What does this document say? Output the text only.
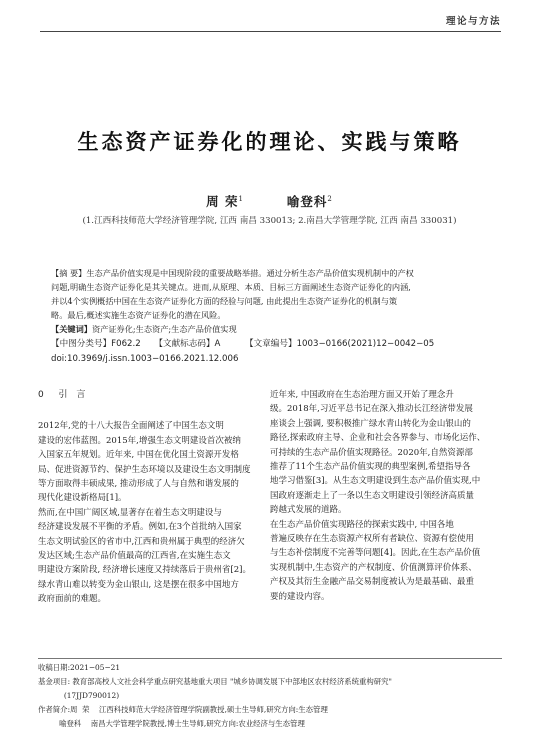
理论与方法
生态资产证券化的理论、实践与策略
周 荣$^1$	喻登科$^2$
(1.江西科技师范大学经济管理学院, 江西 南昌 330013; 2.南昌大学管理学院, 江西 南昌 330031)
【摘 要】生态产品价值实现是中国现阶段的重要战略举措。通过分析生态产品价值实现机制中的产权
问题,明确生态资产证券化是其关键点。进而,从原理、本质、目标三方面阐述生态资产证券化的内涵,
并以4个实例概括中国在生态资产证券化方面的经验与问题, 由此提出生态资产证券化的机制与策
略。最后,概述实施生态资产证券化的潜在风险。
【关键词】资产证券化;生态资产;生态产品价值实现
【中图分类号】F062.2 【文献标志码】A	【文章编号】1003−0166(2021)12−0042−05
doi:10.3969/j.issn.1003−0166.2021.12.006
0 引 言
2012年,党的十八大报告全面阐述了中国生态文明
建设的宏伟蓝图。2015年,增强生态文明建设首次被纳
入国家五年规划。近年来, 中国在优化国土资源开发格
局、促进资源节约、保护生态环境以及建设生态文明制度
等方面取得丰硕成果, 推动形成了人与自然和谐发展的
现代化建设新格局[1]。
然而,在中国广阔区域,显著存在着生态文明建设与
经济建设发展不平衡的矛盾。例如,在3个首批纳入国家
生态文明试验区的省市中,江西和贵州属于典型的经济欠
发达区域;生态产品价值最高的江西省,在实施生态文
明建设方案阶段, 经济增长速度又持续落后于贵州省[2]。
绿水青山难以转变为金山银山, 这是摆在很多中国地方
政府面前的难题。
近年来, 中国政府在生态治理方面又开始了理念升
级。2018年,习近平总书记在深入推动长江经济带发展
座谈会上强调, 要积极推广绿水青山转化为金山银山的
路径,探索政府主导、企业和社会各界参与、市场化运作、
可持续的生态产品价值实现路径。2020年,自然资源部
推荐了11个生态产品价值实现的典型案例,希望指导各
地学习借鉴[3]。从生态文明建设到生态产品价值实现,中
国政府逐渐走上了一条以生态文明建设引领经济高质量
跨越式发展的道路。
在生态产品价值实现路径的探索实践中, 中国各地
普遍反映存在生态资源产权所有者缺位、资源有偿使用
与生态补偿制度不完善等问题[4]。因此,在生态产品价值
实现机制中,生态资产的产权制度、价值测算评价体系、
产权及其衍生金融产品交易制度被认为是最基础、最重
要的建设内容。
收稿日期:2021−05−21
基金项目: 教育部高校人文社会科学重点研究基地重大项目 "城乡协调发展下中部地区农村经济系统重构研究"
(17JJD790012)
作者简介:周  荣    江西科技师范大学经济管理学院副教授,硕士生导师,研究方向:生态管理
喻登科    南昌大学管理学院教授,博士生导师,研究方向:农业经济与生态管理
